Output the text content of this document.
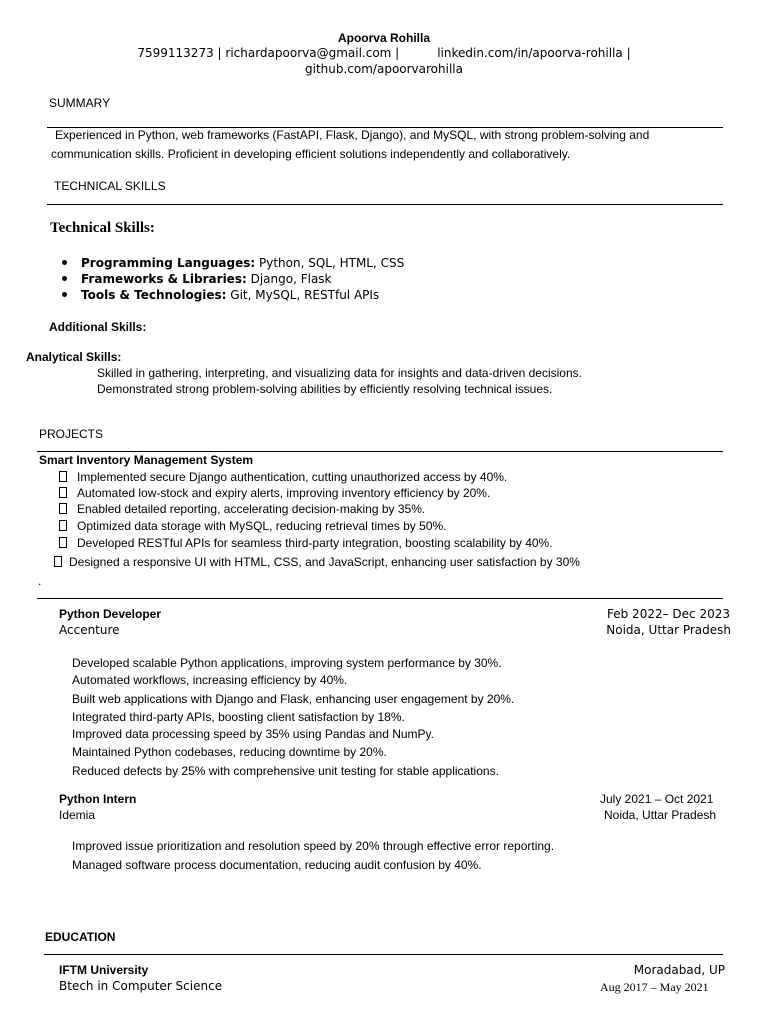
Apoorva Rohilla
7599113273 | richardapoorva@gmail.com |	linkedin.com/in/apoorva-rohilla |
github.com/apoorvarohilla
SUMMARY
Experienced in Python, web frameworks (FastAPI, Flask, Django), and MySQL, with strong problem-solving and
communication skills. Proficient in developing efficient solutions independently and collaboratively.
TECHNICAL SKILLS
Technical Skills:
Programming Languages: Python, SQL, HTML, CSS
Frameworks & Libraries: Django, Flask
Tools & Technologies: Git, MySQL, RESTful APIs
Additional Skills:
Analytical Skills:
Skilled in gathering, interpreting, and visualizing data for insights and data-driven decisions.
Demonstrated strong problem-solving abilities by efficiently resolving technical issues.
PROJECTS
Smart Inventory Management System
Implemented secure Django authentication, cutting unauthorized access by 40%.
Automated low-stock and expiry alerts, improving inventory efficiency by 20%.
Enabled detailed reporting, accelerating decision-making by 35%.
Optimized data storage with MySQL, reducing retrieval times by 50%.
Developed RESTful APIs for seamless third-party integration, boosting scalability by 40%.
Designed a responsive UI with HTML, CSS, and JavaScript, enhancing user satisfaction by 30%
.
Python Developer	Feb 2022– Dec 2023
Accenture	Noida, Uttar Pradesh
Developed scalable Python applications, improving system performance by 30%.
Automated workflows, increasing efficiency by 40%.
Built web applications with Django and Flask, enhancing user engagement by 20%.
Integrated third-party APIs, boosting client satisfaction by 18%.
Improved data processing speed by 35% using Pandas and NumPy.
Maintained Python codebases, reducing downtime by 20%.
Reduced defects by 25% with comprehensive unit testing for stable applications.
Python Intern	July 2021 – Oct 2021
Idemia	Noida, Uttar Pradesh
Improved issue prioritization and resolution speed by 20% through effective error reporting.
Managed software process documentation, reducing audit confusion by 40%.
EDUCATION
IFTM University	Moradabad, UP
Btech in Computer Science	Aug 2017 – May 2021
